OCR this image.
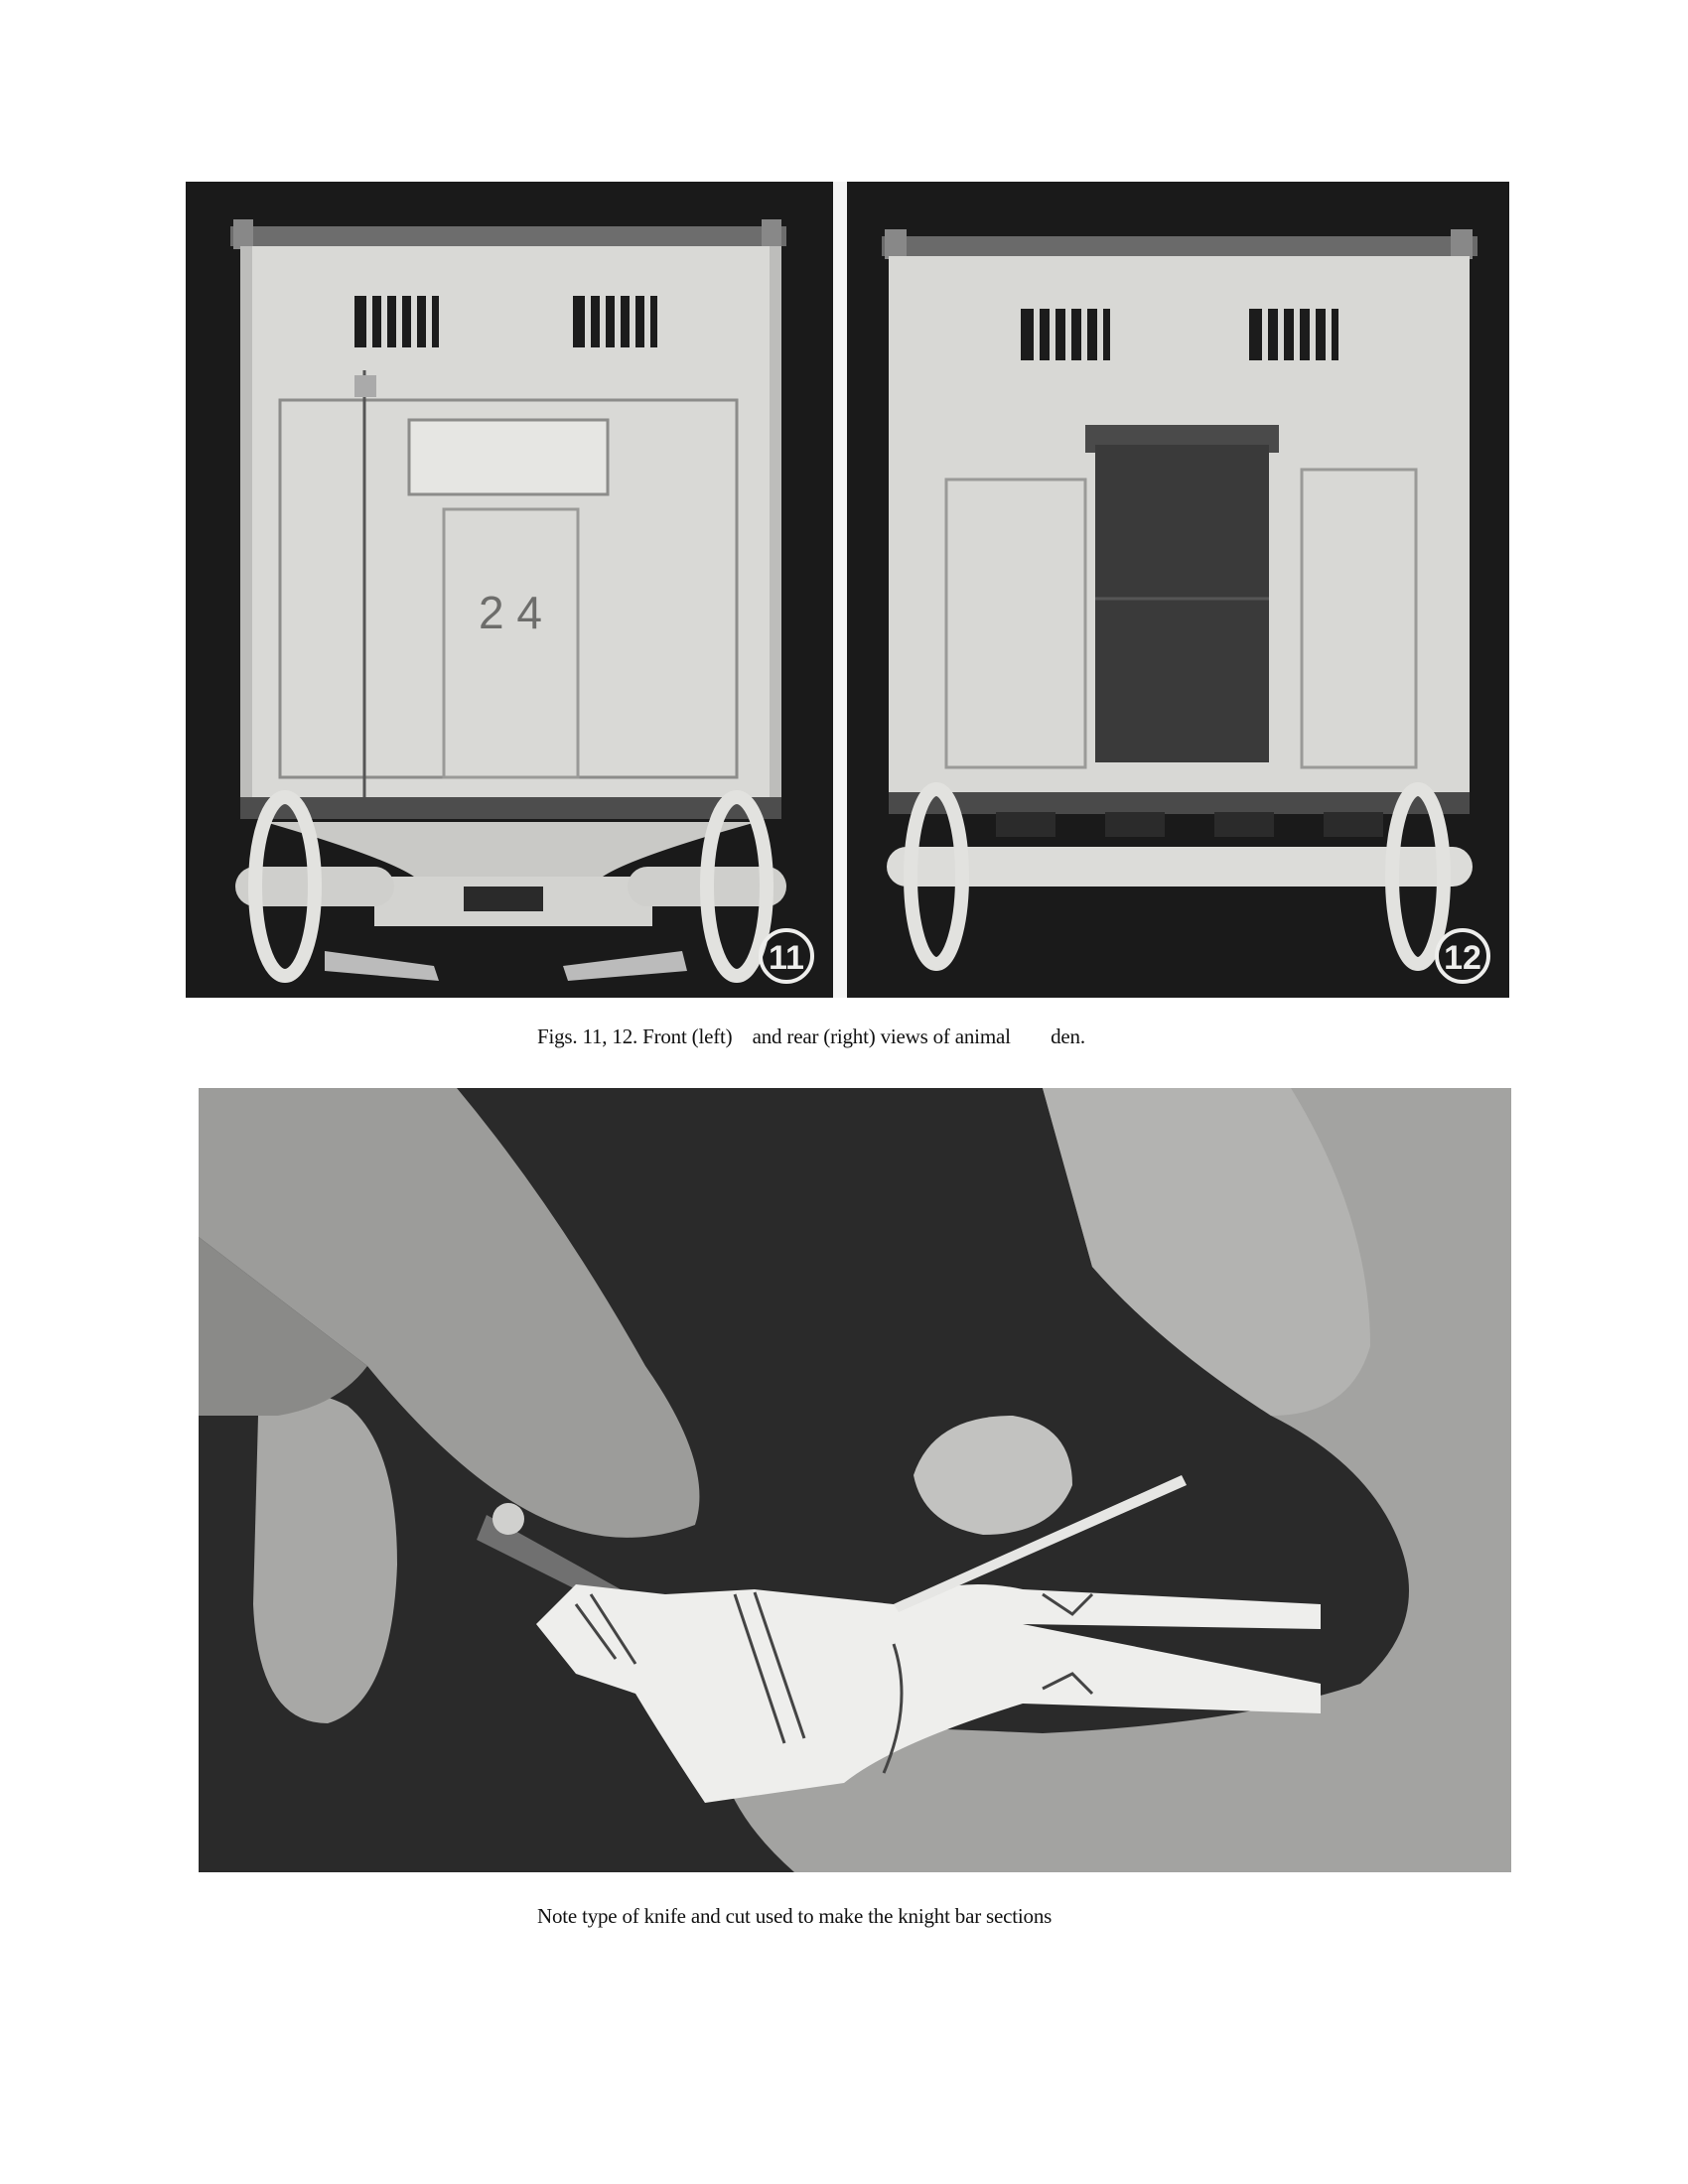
2 4
11	12
Figs. 11, 12. Front (left)    and rear (right) views of animal        den.
Note type of knife and cut used to make the knight bar sections
